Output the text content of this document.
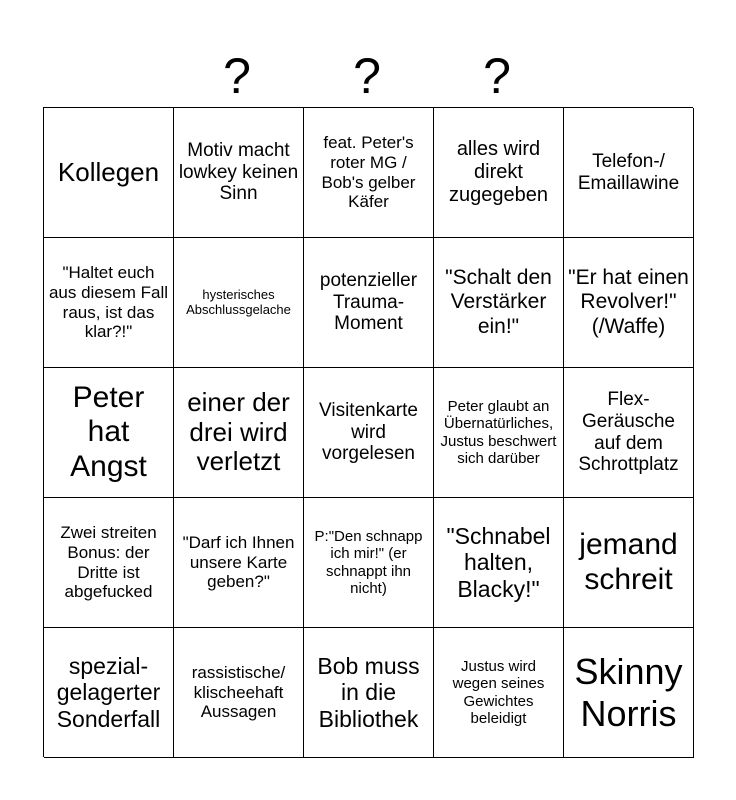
?	?	?
Kollegen
Motiv macht lowkey keinen Sinn
feat. Peter's roter MG / Bob's gelber Käfer
alles wird direkt zugegeben
Telefon-/ Emaillawine
"Haltet euch aus diesem Fall raus, ist das klar?!"
hysterisches Abschlussgelache
potenzieller Trauma-Moment
"Schalt den Verstärker ein!"
"Er hat einen Revolver!" (/Waffe)
Peter hat Angst
einer der drei wird verletzt
Visitenkarte wird vorgelesen
Peter glaubt an Übernatürliches, Justus beschwert sich darüber
Flex-Geräusche auf dem Schrottplatz
Zwei streiten Bonus: der Dritte ist abgefucked
"Darf ich Ihnen unsere Karte geben?"
P:"Den schnapp ich mir!" (er schnappt ihn nicht)
"Schnabel halten, Blacky!"
jemand schreit
spezial-gelagerter Sonderfall
rassistische/ klischeehaft Aussagen
Bob muss in die Bibliothek
Justus wird wegen seines Gewichtes beleidigt
Skinny Norris
